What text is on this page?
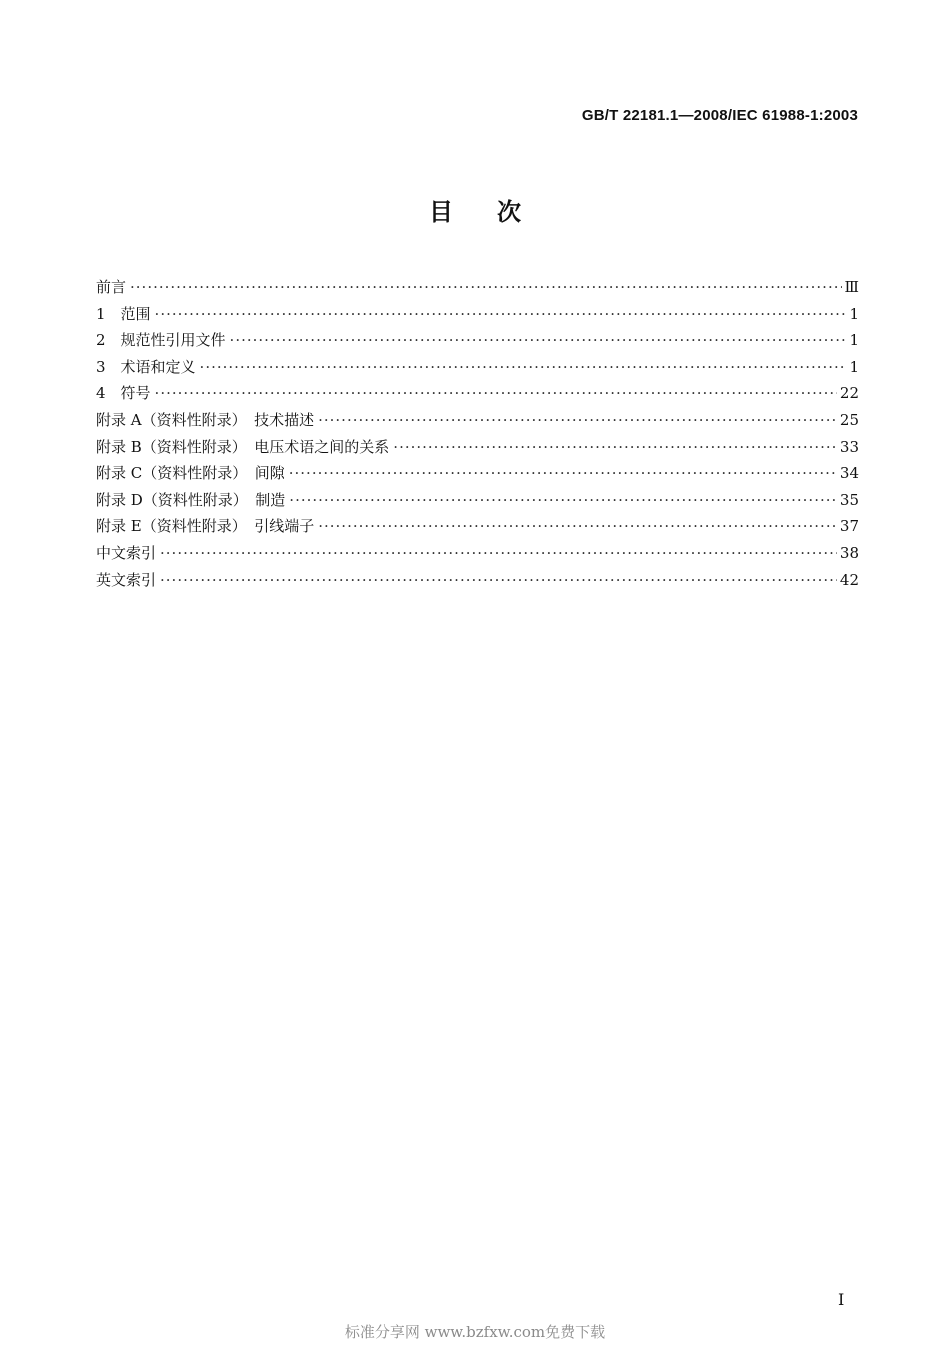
GB/T 22181.1—2008/IEC 61988-1:2003
目次
前言 ·····	Ⅲ
1　范围 ·····	1
2　规范性引用文件 ·····	1
3　术语和定义 ·····	1
4　符号 ·····	22
附录 A（资料性附录）　技术描述 ·····	25
附录 B（资料性附录）　电压术语之间的关系 ·····	33
附录 C（资料性附录）　间隙 ·····	34
附录 D（资料性附录）　制造 ·····	35
附录 E（资料性附录）　引线端子 ·····	37
中文索引 ·····	38
英文索引 ·····	42
I
标准分享网 www.bzfxw.com免费下载
